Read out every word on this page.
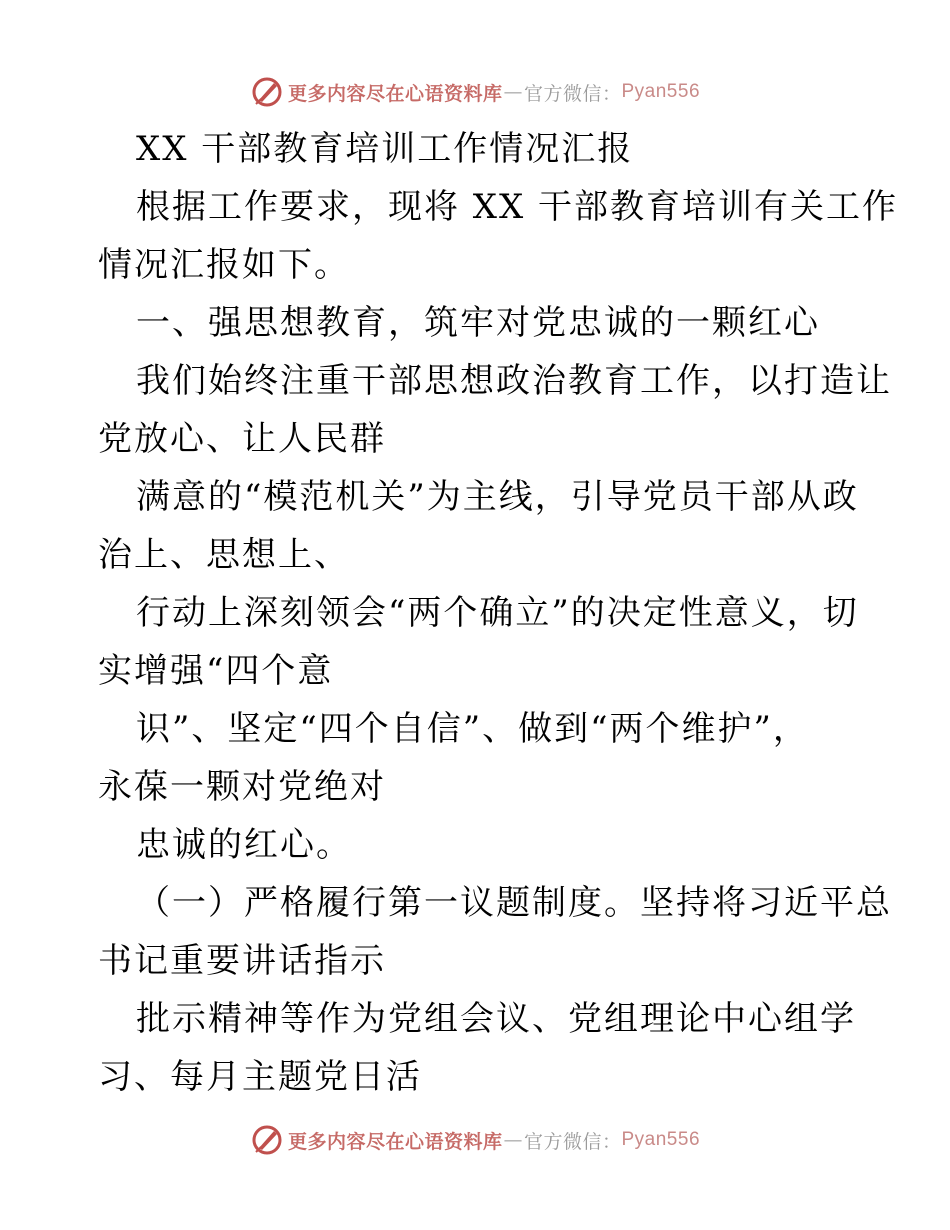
更多内容尽在心语资料库 — 官方微信： Pyan556
XX 干部教育培训工作情况汇报
根据工作要求，现将 XX 干部教育培训有关工作
情况汇报如下。
一、强思想教育，筑牢对党忠诚的一颗红心
我们始终注重干部思想政治教育工作，以打造让
党放心、让人民群
满意的“模范机关”为主线，引导党员干部从政
治上、思想上、
行动上深刻领会“两个确立”的决定性意义，切
实增强“四个意
识”、坚定“四个自信”、做到“两个维护”，
永葆一颗对党绝对
忠诚的红心。
（一）严格履行第一议题制度。坚持将习近平总
书记重要讲话指示
批示精神等作为党组会议、党组理论中心组学
习、每月主题党日活
更多内容尽在心语资料库 — 官方微信： Pyan556
